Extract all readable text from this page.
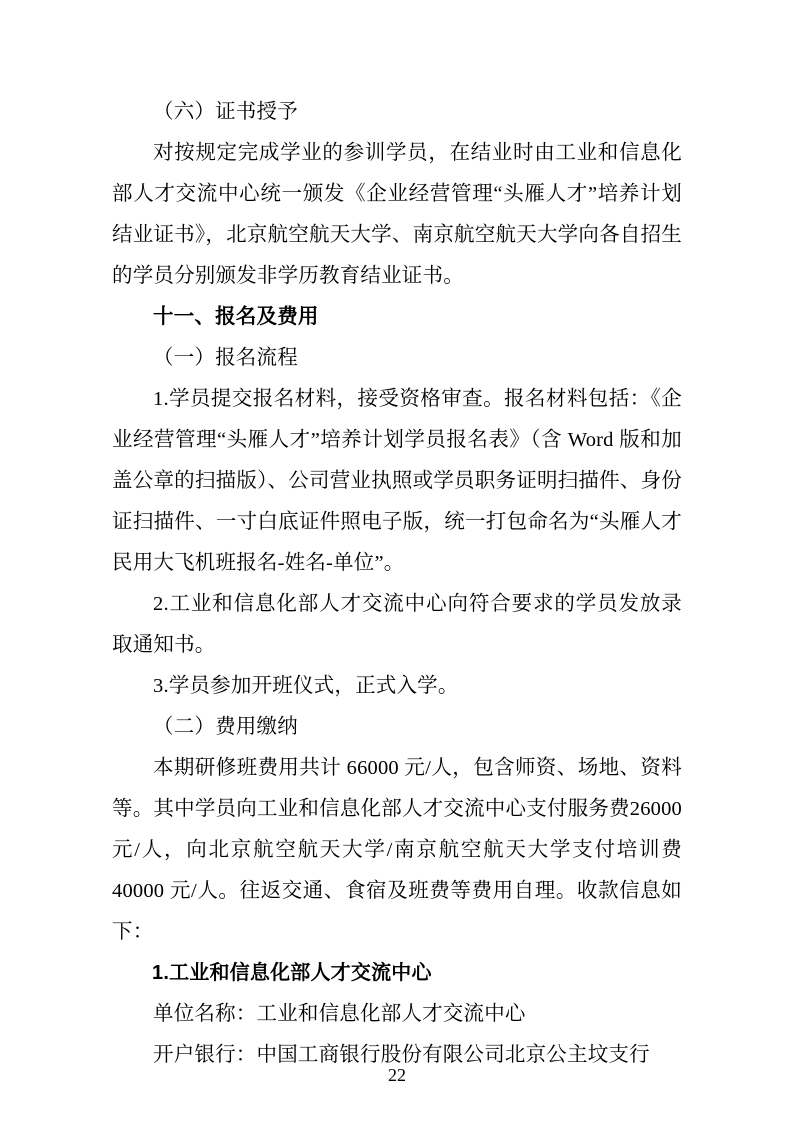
（六）证书授予

对按规定完成学业的参训学员，在结业时由工业和信息化部人才交流中心统一颁发《企业经营管理“头雁人才”培养计划结业证书》，北京航空航天大学、南京航空航天大学向各自招生的学员分别颁发非学历教育结业证书。

十一、报名及费用

（一）报名流程

1.学员提交报名材料，接受资格审查。报名材料包括：《企业经营管理“头雁人才”培养计划学员报名表》（含 Word 版和加盖公章的扫描版）、公司营业执照或学员职务证明扫描件、身份证扫描件、一寸白底证件照电子版，统一打包命名为“头雁人才民用大飞机班报名-姓名-单位”。

2.工业和信息化部人才交流中心向符合要求的学员发放录取通知书。

3.学员参加开班仪式，正式入学。

（二）费用缴纳

本期研修班费用共计 66000 元/人，包含师资、场地、资料等。其中学员向工业和信息化部人才交流中心支付服务费26000 元/人，向北京航空航天大学/南京航空航天大学支付培训费 40000 元/人。往返交通、食宿及班费等费用自理。收款信息如下：

1.工业和信息化部人才交流中心

单位名称：工业和信息化部人才交流中心

开户银行：中国工商银行股份有限公司北京公主坟支行

22
